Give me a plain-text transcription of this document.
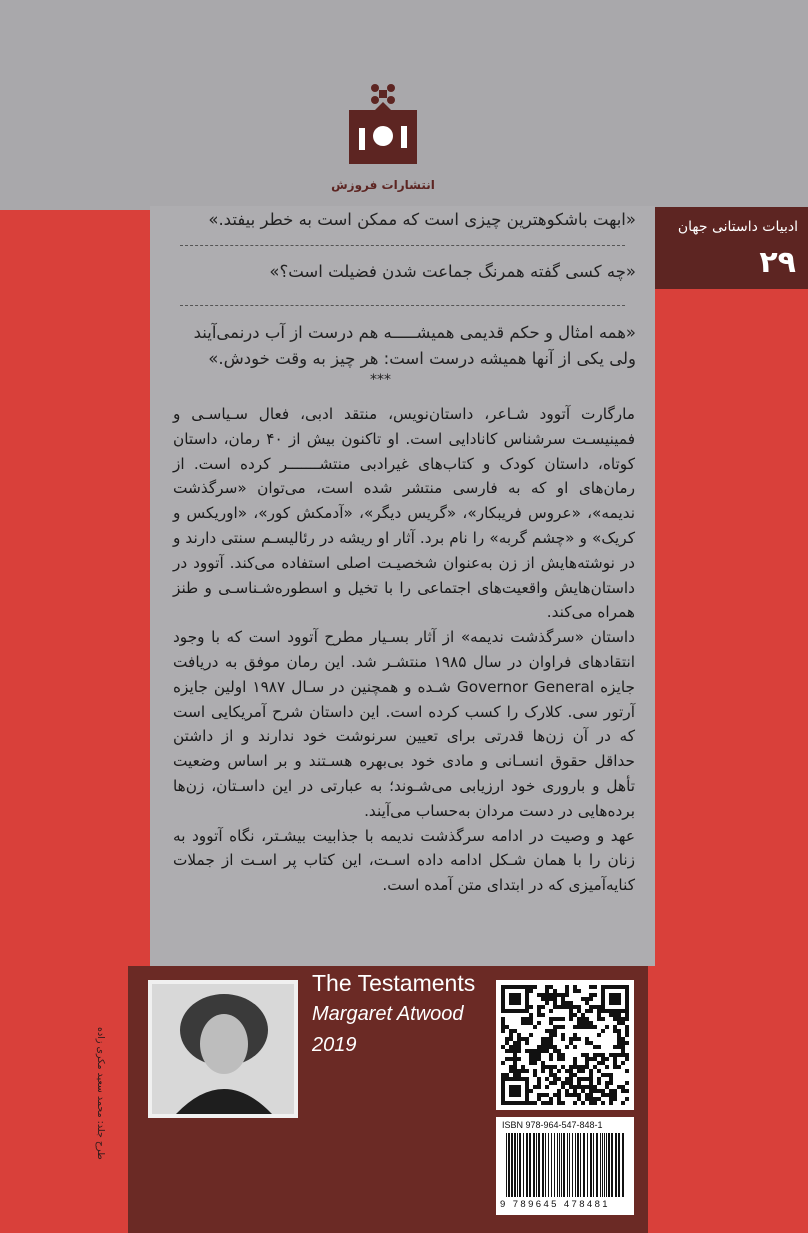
انتشارات فروزش
ادبیات داستانی جهان
۲۹
«ابهت باشکوهترین چیزی است که ممکن است به خطر بیفتد.»
«چه کسی گفته همرنگ جماعت شدن فضیلت است؟»
«همه امثال و حکم قدیمی همیشـــــه هم درست از آب درنمی‌آیند ولی یکی از آنها همیشه درست است: هر چیز به وقت خودش.»
***

مارگارت آتوود شـاعر، داستان‌نویس، منتقد ادبی، فعال سـیاسـی و فمینیسـت سرشناس کانادایی است. او تاکنون بیش از ۴۰ رمان، داستان کوتاه، داستان کودک و کتاب‌های غیرادبی منتشـــــــر کرده است. از رمان‌های او که به فارسی منتشر شده است، می‌توان «سرگذشت ندیمه»، «عروس فریبکار»، «گریس دیگر»، «آدمکش کور»، «اوریکس و کریک» و «چشم گربه» را نام برد. آثار او ریشه در رئالیسـم سنتی دارند و در نوشته‌هایش از زن به‌عنوان شخصیـت اصلی استفاده می‌کند. آتوود در داستان‌هایش واقعیت‌های اجتماعی را با تخیل و اسطوره‌شـناسـی و طنز همراه می‌کند.

داستان «سرگذشت ندیمه» از آثار بسـیار مطرح آتوود است که با وجود انتقادهای فراوان در سال ۱۹۸۵ منتشـر شد. این رمان موفق به دریافت جایزه Governor General شـده و همچنین در سـال ۱۹۸۷ اولین جایزه آرتور سی. کلارک را کسب کرده است. این داستان شرح آمریکایی است که در آن زن‌ها قدرتی برای تعیین سرنوشت خود ندارند و از داشتن حداقل حقوق انسـانی و مادی خود بی‌بهره هسـتند و بر اساس وضعیت تأهل و باروری خود ارزیابی می‌شـوند؛ به عبارتی در این داسـتان، زن‌ها برده‌هایی در دست مردان به‌حساب می‌آیند.

عهد و وصیت در ادامه سرگذشت ندیمه با جذابیت بیشـتر، نگاه آتوود به زنان را با همان شـکل ادامه داده اسـت، این کتاب پر اسـت از جملات کنایه‌آمیزی که در ابتدای متن آمده است.

طرح جلد: محمد سعید مکری زاده
The Testaments
Margaret Atwood
2019
ISBN 978-964-547-848-1
9 789645 478481
